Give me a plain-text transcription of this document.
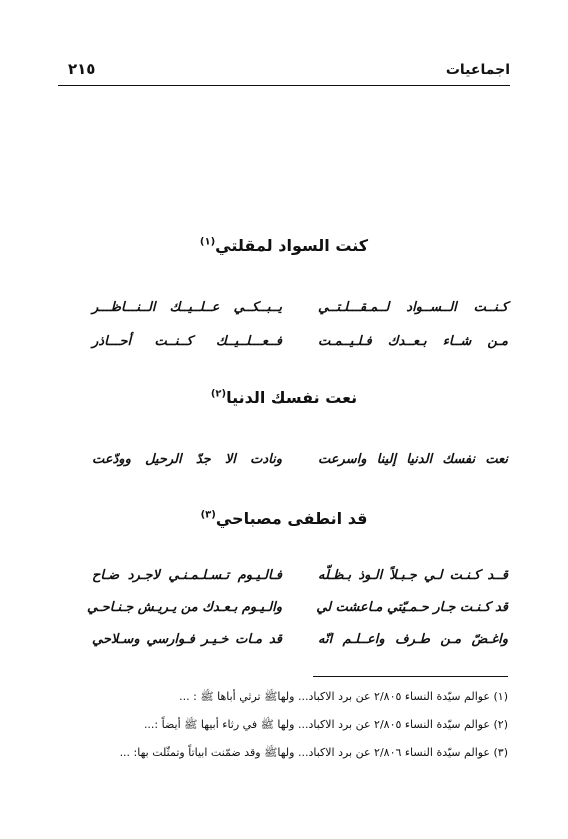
اجماعيات
٢١٥
كنت السواد لمقلتي$^{(١)}$
كـنــت الــســواد لــمـقـــلـتــي
يــبــكــي عــلــيــك الــنـــاظـــر
مـن شــاء بـعــدك فـلـيــمـت
فــعـــلــيــك كــنــت أحـــاذر
نعت نفسك الدنيا$^{(٢)}$
نعت نفسك الدنيا إلينا واسرعت
ونادت الا جدّ الرحيل وودّعت
قد انطفى مصباحي$^{(٣)}$
قــد كـنـت لـي جـبـلاً الـوذ بـظـلّه
فـالـيـوم تـسـلـمـنـي لاجـرد ضـاح
قد كـنـت جـار حـمـيّتي مـاعشت لي
والـيـوم بـعـدك من يـريـش جـنـاحـي
واغـضّ مـن طـرف واعــلـم انّه
قد مـات خـيـر فـوارسي وسـلاحي
(١) عوالم سيّدة النساء ٢/٨٠٥ عن برد الاكباد... ولهاﷺ ترثي أباها ﷺ : ...
(٢) عوالم سيّدة النساء ٢/٨٠٥ عن برد الاكباد... ولها ﷺ في رثاء أبيها ﷺ أيضاً :...
(٣) عوالم سيّدة النساء ٢/٨٠٦ عن برد الاكباد... ولهاﷺ وقد ضمّنت ابياتاً وتمثّلت بها: ...
